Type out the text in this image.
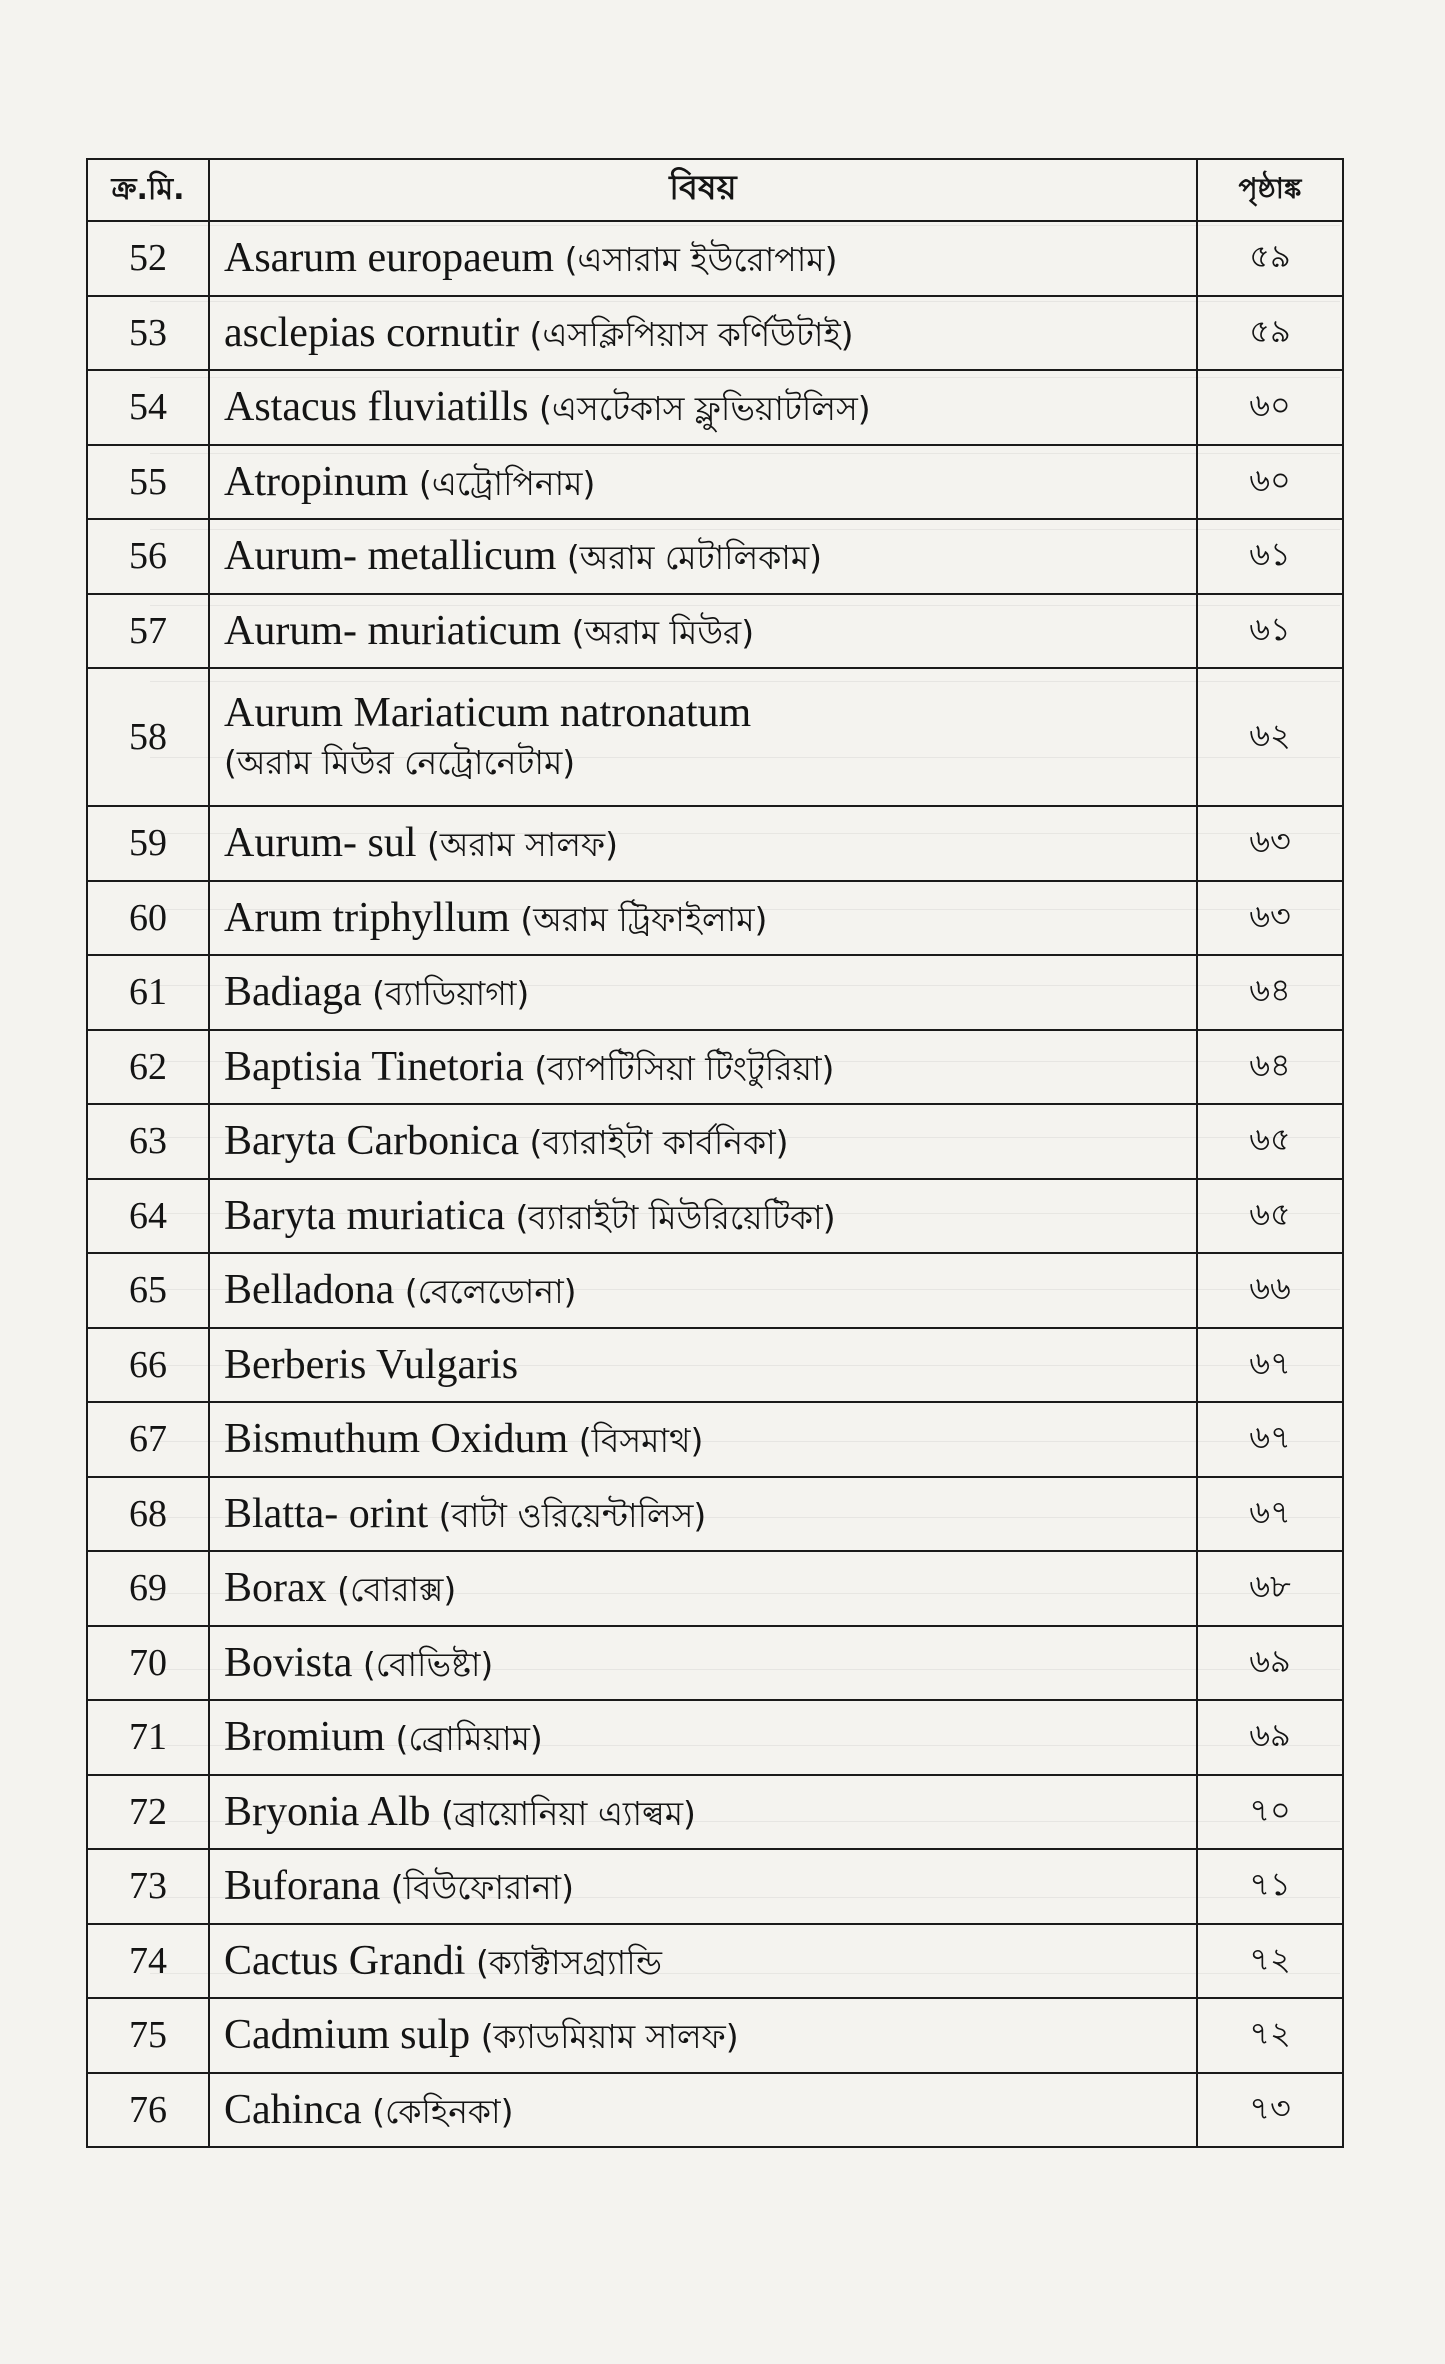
ক্র.মি.	বিষয়	পৃষ্ঠাঙ্ক
52	Asarum europaeum (এসারাম ইউরোপাম)	৫৯
53	asclepias cornutir (এসক্লিপিয়াস কর্ণিউটাই)	৫৯
54	Astacus fluviatills (এসটেকাস ফ্লুভিয়াটলিস)	৬০
55	Atropinum (এট্রোপিনাম)	৬০
56	Aurum- metallicum (অরাম মেটালিকাম)	৬১
57	Aurum- muriaticum (অরাম মিউর)	৬১
58	Aurum Mariaticum natronatum
(অরাম মিউর নেট্রোনেটাম)	৬২
59	Aurum- sul (অরাম সালফ)	৬৩
60	Arum triphyllum (অরাম ট্রিফাইলাম)	৬৩
61	Badiaga (ব্যাডিয়াগা)	৬৪
62	Baptisia Tinetoria (ব্যাপটিসিয়া টিংটুরিয়া)	৬৪
63	Baryta Carbonica (ব্যারাইটা কার্বনিকা)	৬৫
64	Baryta muriatica (ব্যারাইটা মিউরিয়েটিকা)	৬৫
65	Belladona (বেলেডোনা)	৬৬
66	Berberis Vulgaris	৬৭
67	Bismuthum Oxidum (বিসমাথ)	৬৭
68	Blatta- orint (বাটা ওরিয়েন্টালিস)	৬৭
69	Borax (বোরাক্স)	৬৮
70	Bovista (বোভিষ্টা)	৬৯
71	Bromium (ব্রোমিয়াম)	৬৯
72	Bryonia Alb (ব্রায়োনিয়া এ্যাল্বম)	৭০
73	Buforana (বিউফোরানা)	৭১
74	Cactus Grandi (ক্যাক্টাসগ্র্যান্ডি	৭২
75	Cadmium sulp (ক্যাডমিয়াম সালফ)	৭২
76	Cahinca (কেহিনকা)	৭৩
